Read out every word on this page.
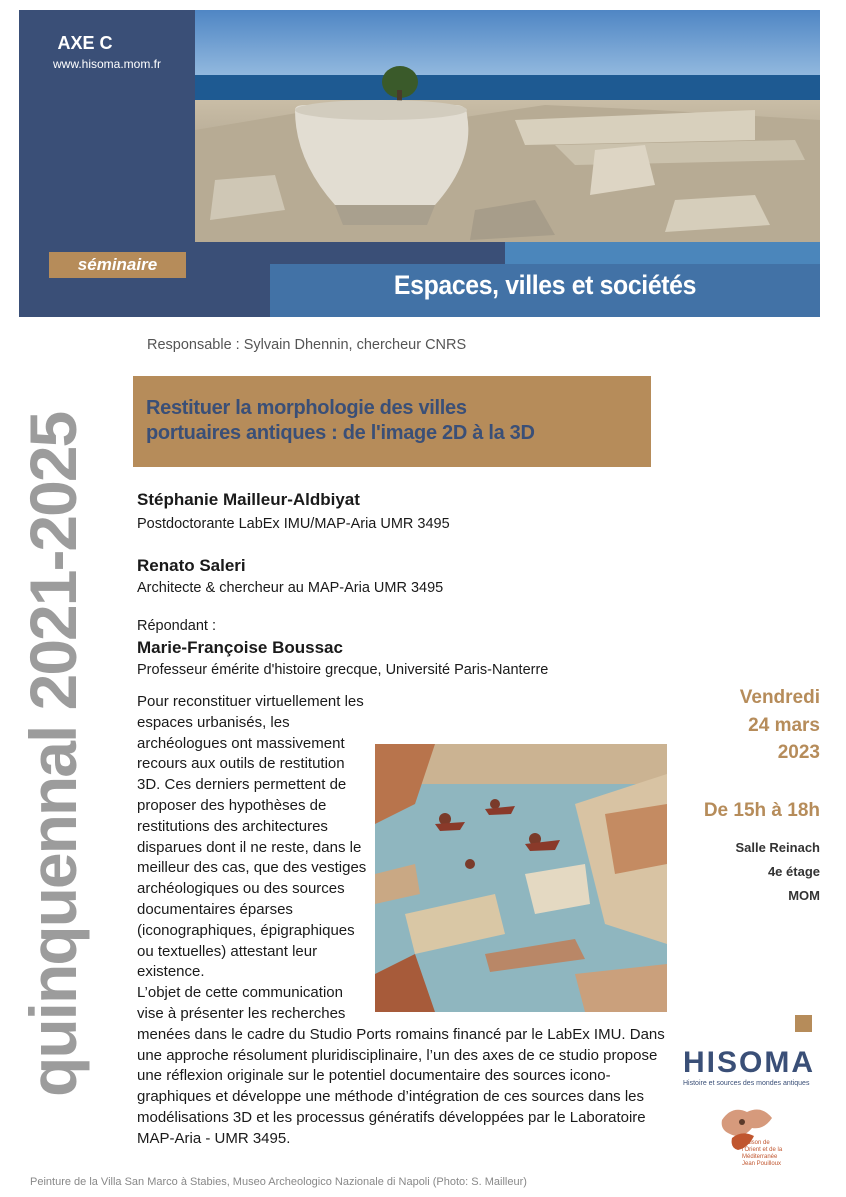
AXE C
www.hisoma.mom.fr
Espaces, villes et sociétés
séminaire
Responsable : Sylvain Dhennin, chercheur CNRS
quinquennal 2021-2025
Restituer la morphologie des villes
portuaires antiques : de l'image 2D à la 3D
Stéphanie Mailleur-Aldbiyat
Postdoctorante LabEx IMU/MAP-Aria UMR 3495
Renato Saleri
Architecte & chercheur au MAP-Aria UMR 3495
Répondant :
Marie-Françoise Boussac
Professeur émérite d'histoire grecque, Université Paris-Nanterre

Pour reconstituer virtuellement les espaces urbanisés, les archéologues ont massivement recours aux outils de restitution 3D. Ces derniers permettent de proposer des hypothèses de restitutions des architectures disparues dont il ne reste, dans le meilleur des cas, que des vestiges archéologiques ou des sources documentaires éparses (iconographiques, épigraphiques ou textuelles) attestant leur existence.

L’objet de cette communication vise à présenter les recherches menées dans le cadre du Studio Ports romains financé par le LabEx IMU. Dans une approche résolument pluridisciplinaire, l’un des axes de ce studio propose une réflexion originale sur le potentiel documentaire des sources icono-graphiques et développe une méthode d’intégration de ces sources dans les modélisations 3D et les processus génératifs développées par le Laboratoire MAP-Aria - UMR 3495.

Vendredi
24 mars
2023
De 15h à 18h
Salle Reinach
4e étage
MOM
HISOMA
Histoire et sources des mondes antiques
Maison de l'Orient et de la Méditerranée Jean Pouilloux
Peinture de la Villa San Marco à Stabies, Museo Archeologico Nazionale di Napoli (Photo: S. Mailleur)
